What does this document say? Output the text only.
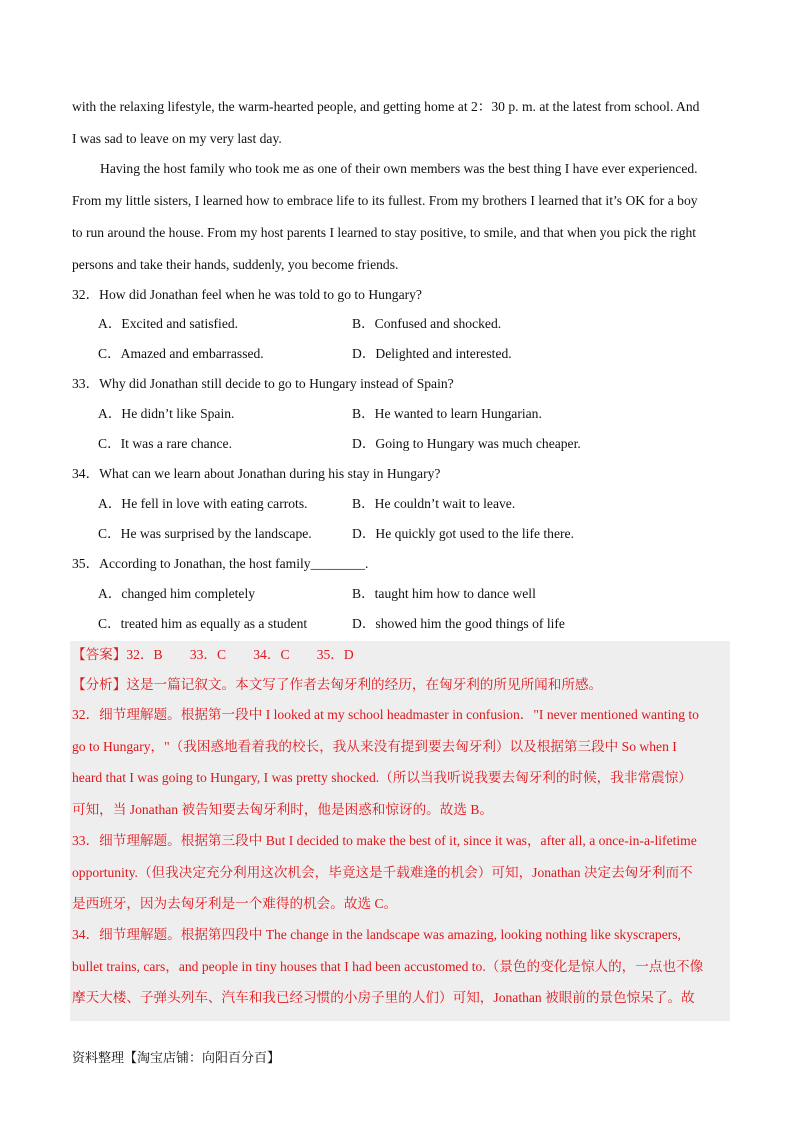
with the relaxing lifestyle, the warm-hearted people, and getting home at 2：30 p. m. at the latest from school. And
I was sad to leave on my very last day.
Having the host family who took me as one of their own members was the best thing I have ever experienced.
From my little sisters, I learned how to embrace life to its fullest. From my brothers I learned that it’s OK for a boy
to run around the house. From my host parents I learned to stay positive, to smile, and that when you pick the right
persons and take their hands, suddenly, you become friends.
32．How did Jonathan feel when he was told to go to Hungary?
A．Excited and satisfied.	B．Confused and shocked.
C．Amazed and embarrassed.	D．Delighted and interested.
33．Why did Jonathan still decide to go to Hungary instead of Spain?
A．He didn’t like Spain.	B．He wanted to learn Hungarian.
C．It was a rare chance.	D．Going to Hungary was much cheaper.
34．What can we learn about Jonathan during his stay in Hungary?
A．He fell in love with eating carrots.	B．He couldn’t wait to leave.
C．He was surprised by the landscape.	D．He quickly got used to the life there.
35．According to Jonathan, the host family________.
A．changed him completely	B．taught him how to dance well
C．treated him as equally as a student	D．showed him the good things of life
【答案】32．B　　33．C　　34．C　　35．D
【分析】这是一篇记叙文。本文写了作者去匈牙利的经历，在匈牙利的所见所闻和所感。
32．细节理解题。根据第一段中 I looked at my school headmaster in confusion．"I never mentioned wanting to
go to Hungary，"（我困惑地看着我的校长，我从来没有提到要去匈牙利）以及根据第三段中 So when I
heard that I was going to Hungary, I was pretty shocked.（所以当我听说我要去匈牙利的时候，我非常震惊）
可知，当 Jonathan 被告知要去匈牙利时，他是困惑和惊讶的。故选 B。
33．细节理解题。根据第三段中 But I decided to make the best of it, since it was，after all, a once-in-a-lifetime
opportunity.（但我决定充分利用这次机会，毕竟这是千载难逢的机会）可知，Jonathan 决定去匈牙利而不
是西班牙，因为去匈牙利是一个难得的机会。故选 C。
34．细节理解题。根据第四段中 The change in the landscape was amazing, looking nothing like skyscrapers,
bullet trains, cars，and people in tiny houses that I had been accustomed to.（景色的变化是惊人的，一点也不像
摩天大楼、子弹头列车、汽车和我已经习惯的小房子里的人们）可知，Jonathan 被眼前的景色惊呆了。故
资料整理【淘宝店铺：向阳百分百】
